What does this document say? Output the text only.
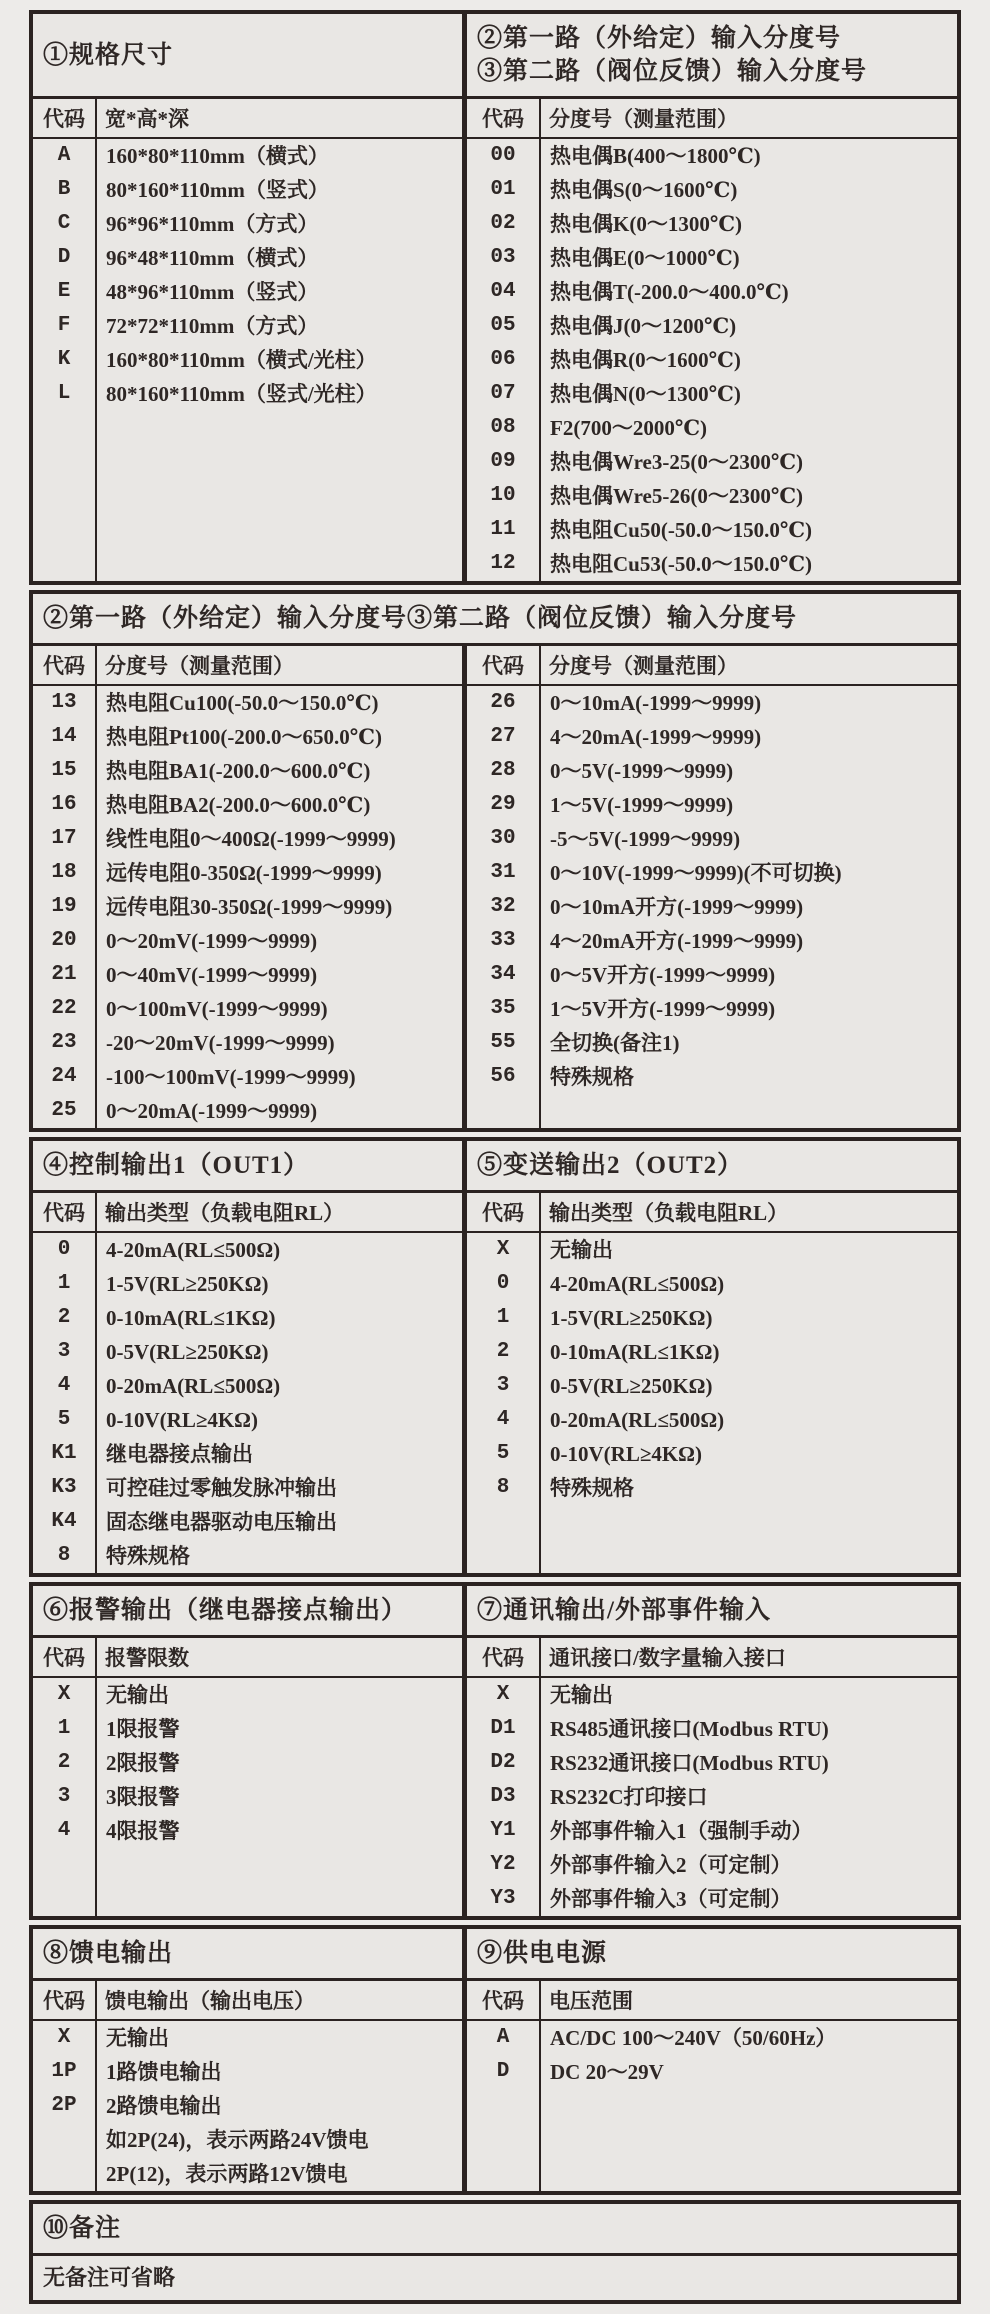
①规格尺寸
②第一路（外给定）输入分度号
③第二路（阀位反馈）输入分度号
代码 宽*高*深
A	160*80*110mm（横式）
B	80*160*110mm（竖式）
C	96*96*110mm（方式）
D	96*48*110mm（横式）
E	48*96*110mm（竖式）
F	72*72*110mm（方式）
K	160*80*110mm（横式/光柱）
L	80*160*110mm（竖式/光柱）
代码	分度号（测量范围）
00	热电偶B(400～1800℃)
01	热电偶S(0～1600℃)
02	热电偶K(0～1300℃)
03	热电偶E(0～1000℃)
04	热电偶T(-200.0～400.0℃)
05	热电偶J(0～1200℃)
06	热电偶R(0～1600℃)
07	热电偶N(0～1300℃)
08	F2(700～2000℃)
09	热电偶Wre3-25(0～2300℃)
10	热电偶Wre5-26(0～2300℃)
11	热电阻Cu50(-50.0～150.0℃)
12	热电阻Cu53(-50.0～150.0℃)
②第一路（外给定）输入分度号③第二路（阀位反馈）输入分度号
代码 分度号（测量范围）
13	热电阻Cu100(-50.0～150.0℃)
14	热电阻Pt100(-200.0～650.0℃)
15	热电阻BA1(-200.0～600.0℃)
16	热电阻BA2(-200.0～600.0℃)
17	线性电阻0～400Ω(-1999～9999)
18	远传电阻0-350Ω(-1999～9999)
19	远传电阻30-350Ω(-1999～9999)
20	0～20mV(-1999～9999)
21	0～40mV(-1999～9999)
22	0～100mV(-1999～9999)
23	-20～20mV(-1999～9999)
24	-100～100mV(-1999～9999)
25	0～20mA(-1999～9999)
代码	分度号（测量范围）
26	0～10mA(-1999～9999)
27	4～20mA(-1999～9999)
28	0～5V(-1999～9999)
29	1～5V(-1999～9999)
30	-5～5V(-1999～9999)
31	0～10V(-1999～9999)(不可切换)
32	0～10mA开方(-1999～9999)
33	4～20mA开方(-1999～9999)
34	0～5V开方(-1999～9999)
35	1～5V开方(-1999～9999)
55	全切换(备注1)
56	特殊规格
④控制输出1（OUT1）	⑤变送输出2（OUT2）
代码 输出类型（负载电阻RL）
0	4-20mA(RL≤500Ω)
1	1-5V(RL≥250KΩ)
2	0-10mA(RL≤1KΩ)
3	0-5V(RL≥250KΩ)
4	0-20mA(RL≤500Ω)
5	0-10V(RL≥4KΩ)
K1	继电器接点输出
K3	可控硅过零触发脉冲输出
K4	固态继电器驱动电压输出
8	特殊规格
代码	输出类型（负载电阻RL）
X	无输出
0	4-20mA(RL≤500Ω)
1	1-5V(RL≥250KΩ)
2	0-10mA(RL≤1KΩ)
3	0-5V(RL≥250KΩ)
4	0-20mA(RL≤500Ω)
5	0-10V(RL≥4KΩ)
8	特殊规格
⑥报警输出（继电器接点输出）	⑦通讯输出/外部事件输入
代码 报警限数
X	无输出
1	1限报警
2	2限报警
3	3限报警
4	4限报警
代码	通讯接口/数字量输入接口
X	无输出
D1	RS485通讯接口(Modbus RTU)
D2	RS232通讯接口(Modbus RTU)
D3	RS232C打印接口
Y1	外部事件输入1（强制手动）
Y2	外部事件输入2（可定制）
Y3	外部事件输入3（可定制）
⑧馈电输出	⑨供电电源
代码 馈电输出（输出电压）
X	无输出
1P	1路馈电输出
2P	2路馈电输出
如2P(24)，表示两路24V馈电
2P(12)，表示两路12V馈电
代码	电压范围
A	AC/DC 100～240V（50/60Hz）
D	DC 20～29V
⑩备注
无备注可省略
